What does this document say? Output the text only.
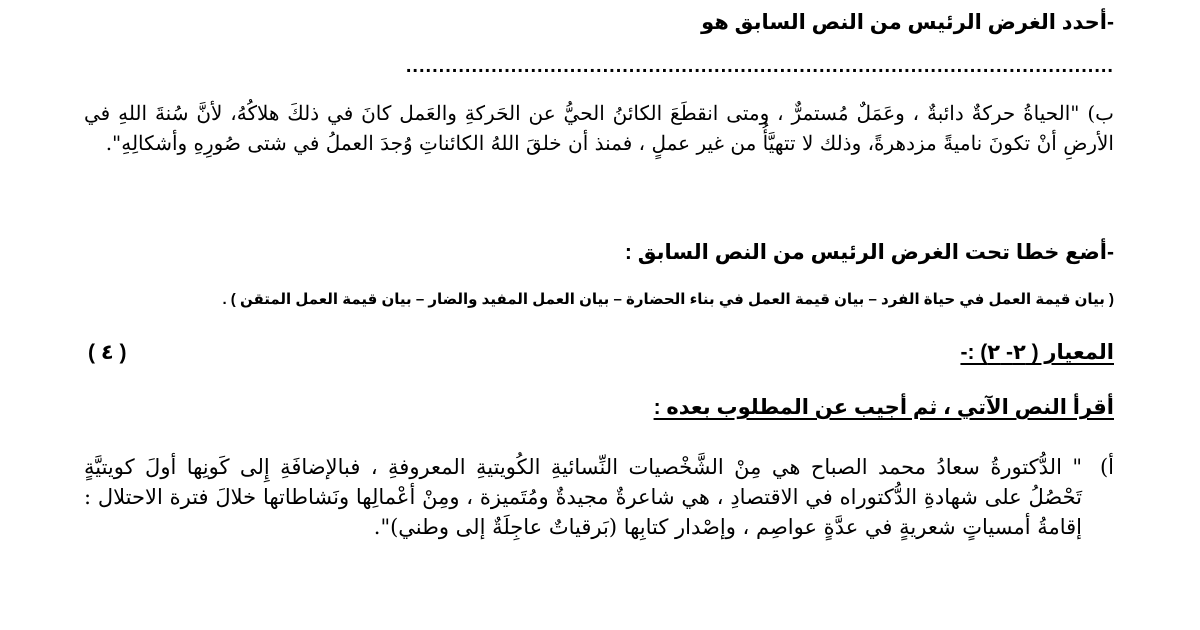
-أحدد الغرض الرئيس من النص السابق هو
............................................................................................................
ب) "الحياةُ حركةٌ دائبةٌ ، وعَمَلٌ مُستمرٌّ ، ومتى انقطَعَ الكائنُ الحيُّ عن الحَركةِ والعَمل كانَ في ذلكَ هلاكُهُ، لأنَّ سُنةَ اللهِ في الأرضِ أنْ تكونَ ناميةً مزدهرةً، وذلك لا تتهيَّأُ من غير عملٍ ، فمنذ أن خلقَ اللهُ الكائناتِ وُجدَ العملُ في شتى صُورِهِ وأشكالِهِ".
-أضع خطا تحت الغرض الرئيس من النص السابق :
( بيان قيمة العمل في حياة الفرد – بيان قيمة العمل في بناء الحضارة – بيان العمل المفيد والضار – بيان قيمة العمل المتقن ) .
المعيار ( ٢- ٢) :-
( ٤ )
أقرأ النص الآتي ، ثم أجيب عن المطلوب بعده :
أ)
" الدُّكتورةُ سعادُ محمد الصباح هي مِنْ الشَّخْصيات النِّسائيةِ الكُويتيةِ المعروفةِ ، فبالإضافَةِ إِلى كَونِها أولَ كويتيَّةٍ تَحْصُلُ على شهادةِ الدُّكتوراه في الاقتصادِ ، هي شاعرةٌ مجيدةٌ ومُتَميزة ، ومِنْ أعْمالِها ونَشاطاتها خلالَ فترة الاحتلال : إقامةُ أمسياتٍ شعريةٍ في عدَّةٍ عواصِم ، وإصْدار كتابِها (بَرقياتٌ عاجِلَةٌ إلى وطني)".
